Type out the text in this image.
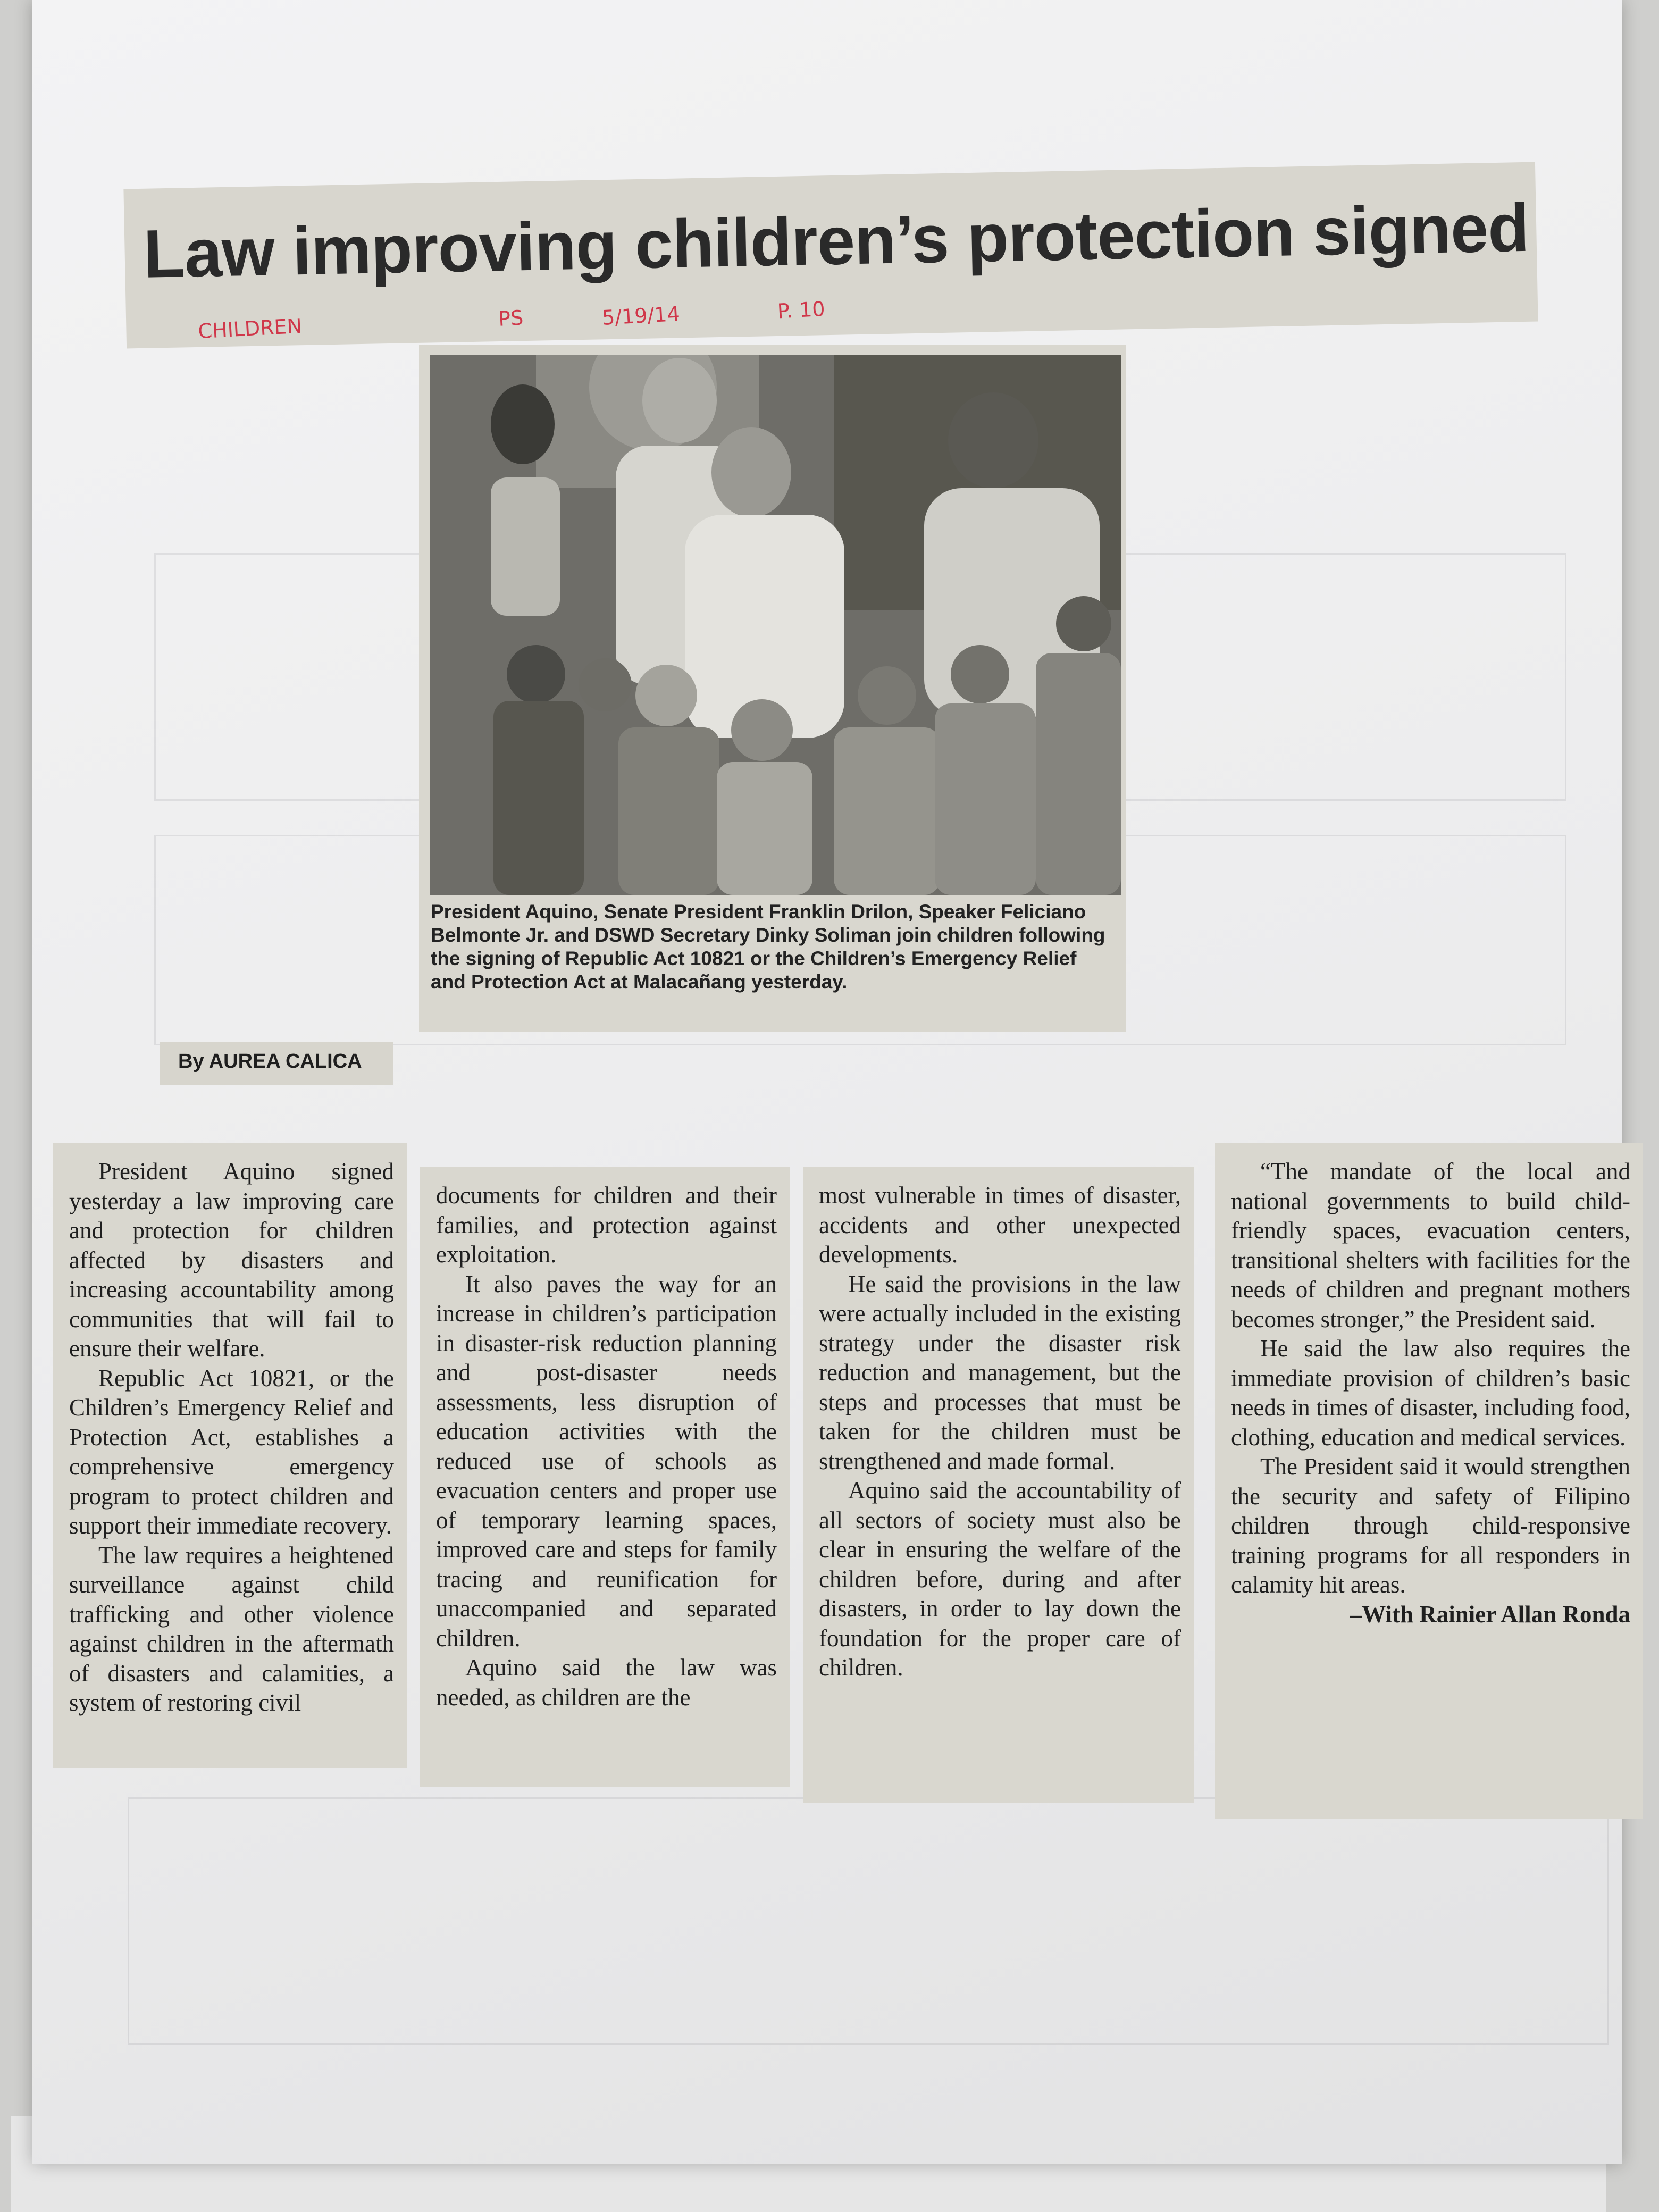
Law improving children’s protection signed
CHILDREN	PS	5/19/14	P. 10

President Aquino, Senate President Franklin Drilon, Speaker Feliciano Belmonte Jr. and DSWD Secretary Dinky Soliman join children following the signing of Republic Act 10821 or the Children’s Emergency Relief and Protection Act at Malacañang yesterday.

By AUREA CALICA

President Aquino signed yesterday a law improving care and protection for children affected by disasters and increasing accountability among communities that will fail to ensure their welfare.

Republic Act 10821, or the Children’s Emergency Relief and Protection Act, establishes a comprehensive emergency program to protect children and support their immediate recovery.

The law requires a heightened surveillance against child trafficking and other violence against children in the aftermath of disasters and calamities, a system of restoring civil

documents for children and their families, and protection against exploitation.

It also paves the way for an increase in children’s participation in disaster-risk reduction planning and post-disaster needs assessments, less disruption of education activities with the reduced use of schools as evacuation centers and proper use of temporary learning spaces, improved care and steps for family tracing and reunification for unaccompanied and separated children.

Aquino said the law was needed, as children are the

most vulnerable in times of disaster, accidents and other unexpected developments.

He said the provisions in the law were actually included in the existing strategy under the disaster risk reduction and management, but the steps and processes that must be taken for the children must be strengthened and made formal.

Aquino said the accountability of all sectors of society must also be clear in ensuring the welfare of the children before, during and after disasters, in order to lay down the foundation for the proper care of children.

“The mandate of the local and national governments to build child-friendly spaces, evacuation centers, transitional shelters with facilities for the needs of children and pregnant mothers becomes stronger,” the President said.

He said the law also requires the immediate provision of children’s basic needs in times of disaster, including food, clothing, education and medical services.

The President said it would strengthen the security and safety of Filipino children through child-responsive training programs for all responders in calamity hit areas.

–With Rainier Allan Ronda
